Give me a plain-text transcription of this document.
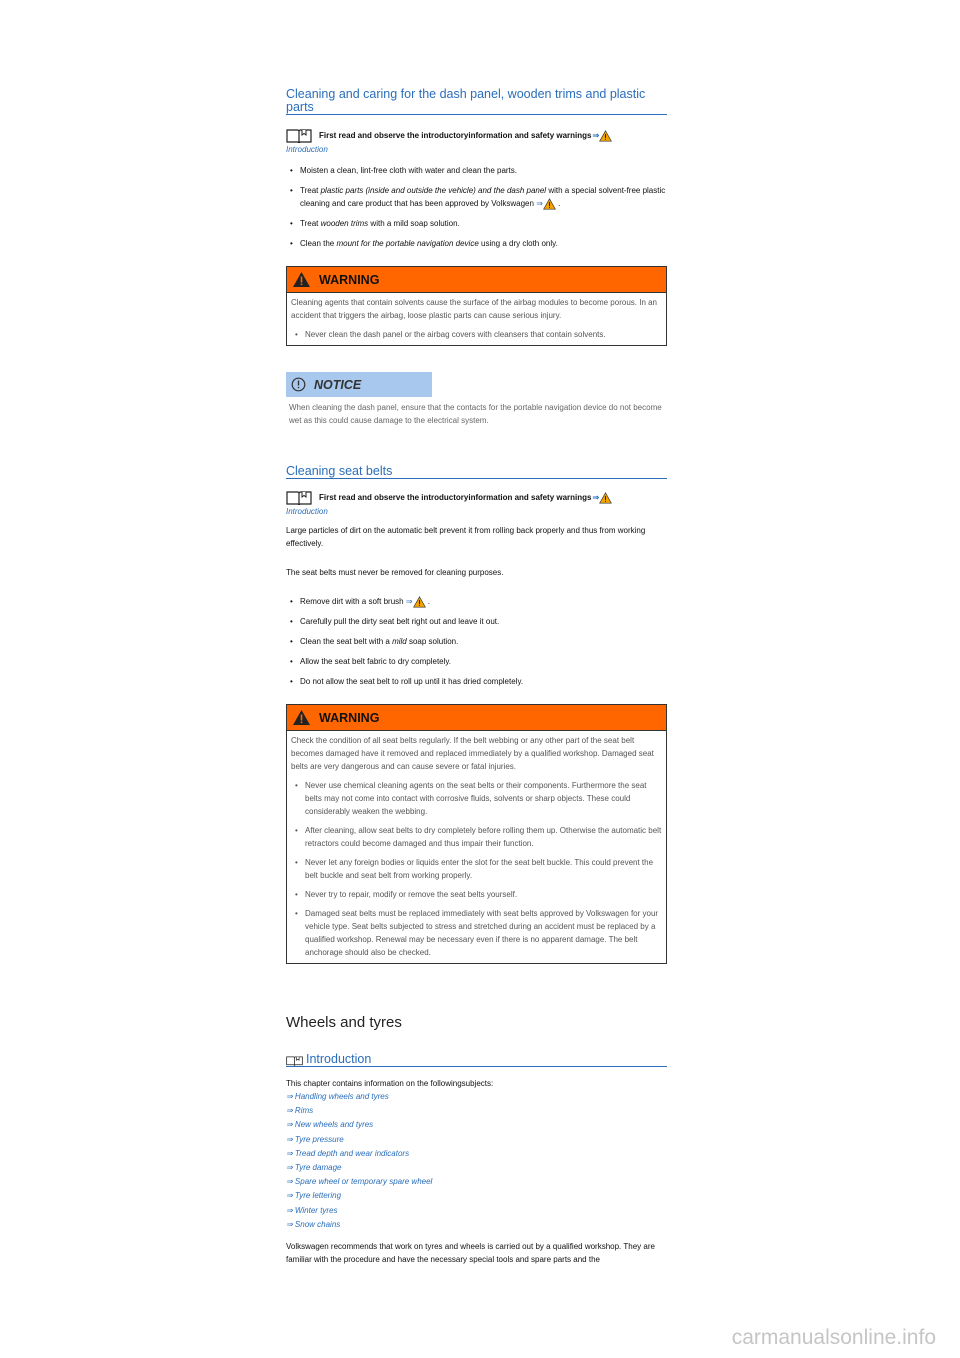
Cleaning and caring for the dash panel, wooden trims and plastic parts
First read and observe the introductoryinformation and safety warnings ⇒
Introduction
• Moisten a clean, lint-free cloth with water and clean the parts.
• Treat plastic parts (inside and outside the vehicle) and the dash panel with a special solvent-free plastic cleaning and care product that has been approved by Volkswagen ⇒ .
• Treat wooden trims with a mild soap solution.
• Clean the mount for the portable navigation device using a dry cloth only.
WARNING
Cleaning agents that contain solvents cause the surface of the airbag modules to become porous. In an accident that triggers the airbag, loose plastic parts can cause serious injury.
• Never clean the dash panel or the airbag covers with cleansers that contain solvents.
NOTICE
When cleaning the dash panel, ensure that the contacts for the portable navigation device do not become wet as this could cause damage to the electrical system.
Cleaning seat belts
First read and observe the introductoryinformation and safety warnings ⇒
Introduction
Large particles of dirt on the automatic belt prevent it from rolling back properly and thus from working effectively.
The seat belts must never be removed for cleaning purposes.
• Remove dirt with a soft brush ⇒ .
• Carefully pull the dirty seat belt right out and leave it out.
• Clean the seat belt with a mild soap solution.
• Allow the seat belt fabric to dry completely.
• Do not allow the seat belt to roll up until it has dried completely.
WARNING
Check the condition of all seat belts regularly. If the belt webbing or any other part of the seat belt becomes damaged have it removed and replaced immediately by a qualified workshop. Damaged seat belts are very dangerous and can cause severe or fatal injuries.
• Never use chemical cleaning agents on the seat belts or their components. Furthermore the seat belts may not come into contact with corrosive fluids, solvents or sharp objects. These could considerably weaken the webbing.
• After cleaning, allow seat belts to dry completely before rolling them up. Otherwise the automatic belt retractors could become damaged and thus impair their function.
• Never let any foreign bodies or liquids enter the slot for the seat belt buckle. This could prevent the belt buckle and seat belt from working properly.
• Never try to repair, modify or remove the seat belts yourself.
• Damaged seat belts must be replaced immediately with seat belts approved by Volkswagen for your vehicle type. Seat belts subjected to stress and stretched during an accident must be replaced by a qualified workshop. Renewal may be necessary even if there is no apparent damage. The belt anchorage should also be checked.
Wheels and tyres
Introduction
This chapter contains information on the followingsubjects:
⇒ Handling wheels and tyres
⇒ Rims
⇒ New wheels and tyres
⇒ Tyre pressure
⇒ Tread depth and wear indicators
⇒ Tyre damage
⇒ Spare wheel or temporary spare wheel
⇒ Tyre lettering
⇒ Winter tyres
⇒ Snow chains
Volkswagen recommends that work on tyres and wheels is carried out by a qualified workshop. They are familiar with the procedure and have the necessary special tools and spare parts and the
carmanualsonline.info
